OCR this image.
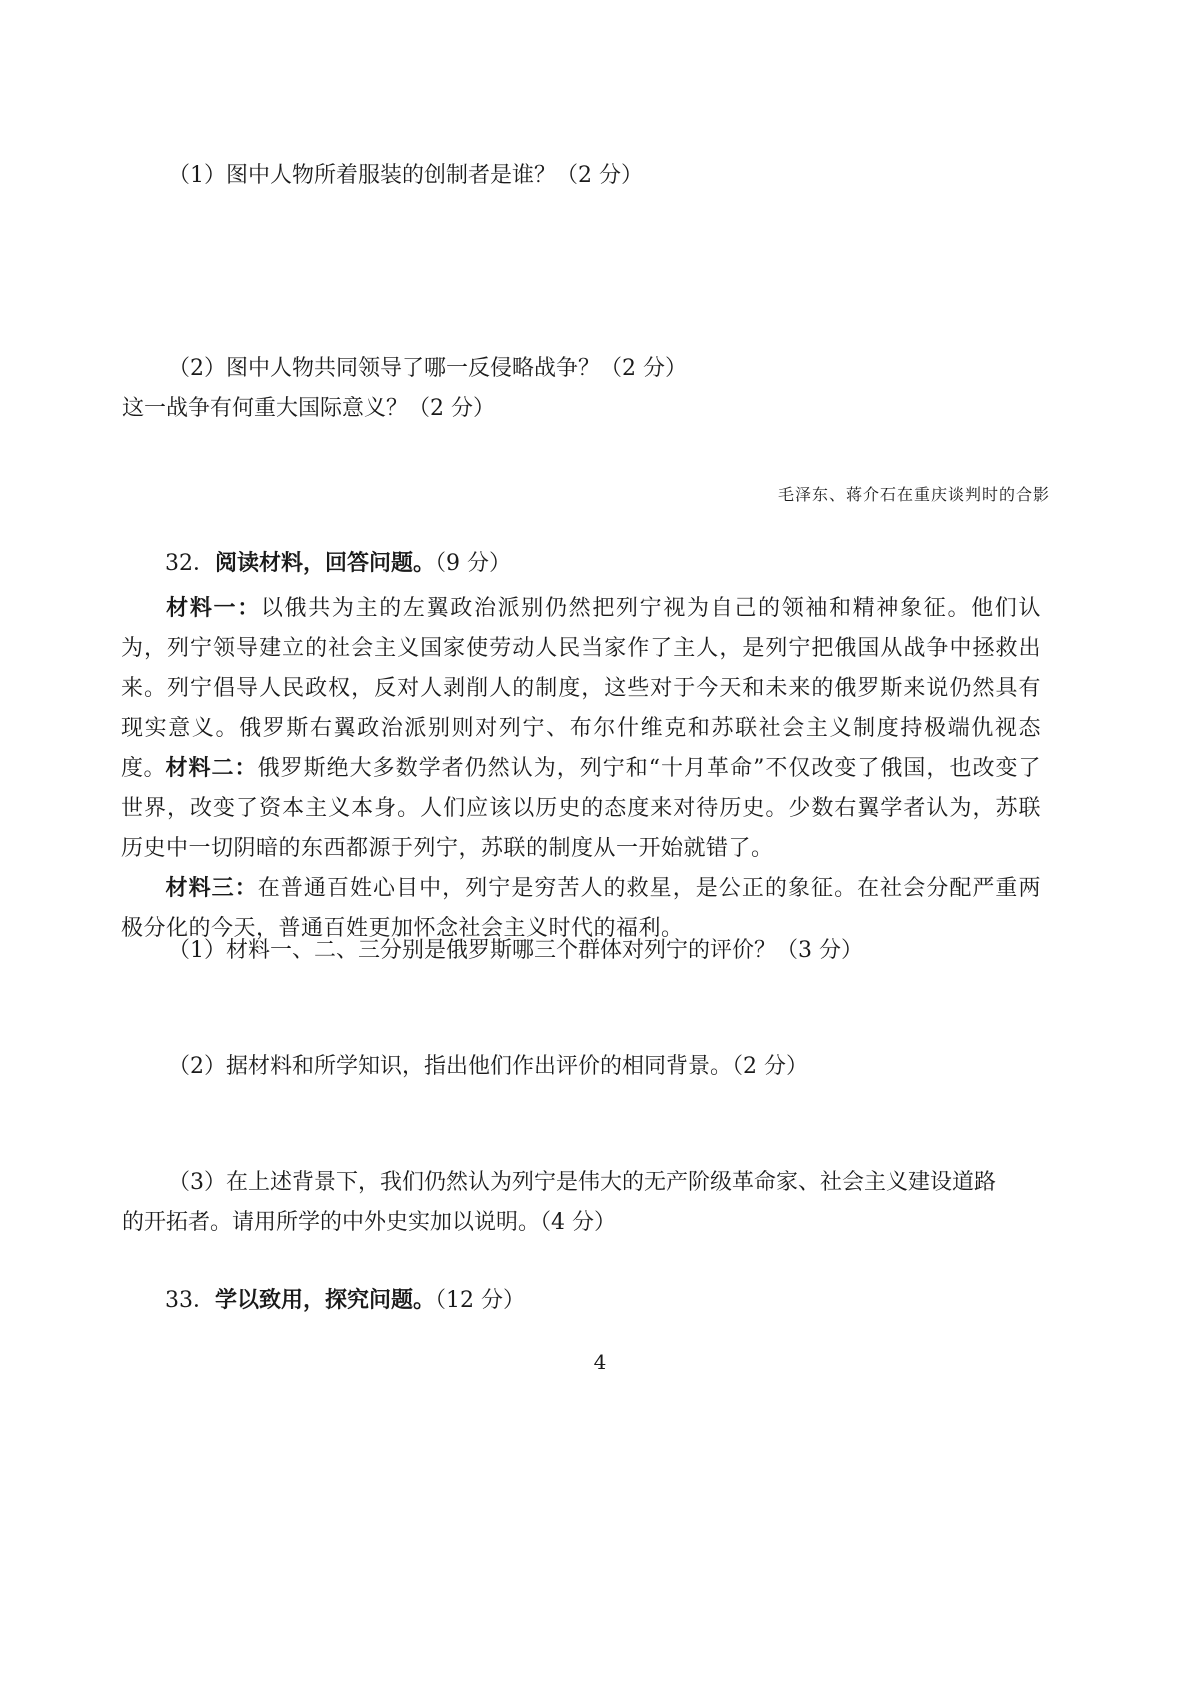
（1）图中人物所着服装的创制者是谁？（2 分）
（2）图中人物共同领导了哪一反侵略战争？（2 分）
这一战争有何重大国际意义？（2 分）
毛泽东、蒋介石在重庆谈判时的合影
32．阅读材料，回答问题。（9 分）
材料一：以俄共为主的左翼政治派别仍然把列宁视为自己的领袖和精神象征。他们认为，列宁领导建立的社会主义国家使劳动人民当家作了主人，是列宁把俄国从战争中拯救出来。列宁倡导人民政权，反对人剥削人的制度，这些对于今天和未来的俄罗斯来说仍然具有现实意义。俄罗斯右翼政治派别则对列宁、布尔什维克和苏联社会主义制度持极端仇视态度。
材料二：俄罗斯绝大多数学者仍然认为，列宁和“十月革命”不仅改变了俄国，也改变了世界，改变了资本主义本身。人们应该以历史的态度来对待历史。少数右翼学者认为，苏联历史中一切阴暗的东西都源于列宁，苏联的制度从一开始就错了。
材料三：在普通百姓心目中，列宁是穷苦人的救星，是公正的象征。在社会分配严重两极分化的今天，普通百姓更加怀念社会主义时代的福利。
（1）材料一、二、三分别是俄罗斯哪三个群体对列宁的评价？（3 分）
（2）据材料和所学知识，指出他们作出评价的相同背景。（2 分）
（3）在上述背景下，我们仍然认为列宁是伟大的无产阶级革命家、社会主义建设道路
的开拓者。请用所学的中外史实加以说明。（4 分）
33．学以致用，探究问题。（12 分）
4
